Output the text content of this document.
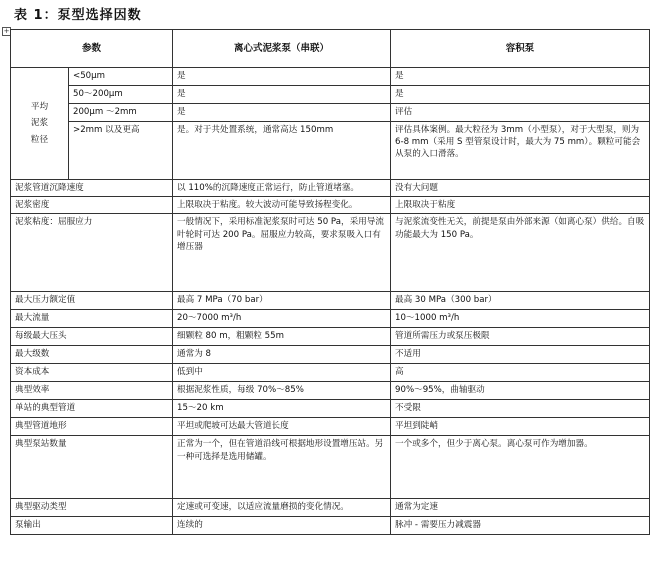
表 1：泵型选择因数
+
参数		离心式泥浆泵（串联）	容积泵
平均
泥浆
粒径	<50μm	是	是
	50～200μm	是	是
	200μm ～2mm	是	评估
	>2mm 以及更高	是。对于共处置系统，通常高达 150mm	评估具体案例。最大粒径为 3mm（小型泵），对于大型泵，则为 6-8 mm（采用 S 型管泵设计时，最大为 75 mm）。颗粒可能会从泵的入口滑落。
泥浆管道沉降速度		以 110%的沉降速度正常运行，防止管道堵塞。	没有大问题
泥浆密度		上限取决于粘度。较大波动可能导致扬程变化。	上限取决于粘度
泥浆粘度：屈服应力		一般情况下，采用标准泥浆泵时可达 50 Pa，采用导流叶轮时可达 200 Pa。屈服应力较高，要求泵吸入口有增压器	与泥浆流变性无关，前提是泵由外部来源（如离心泵）供给。自吸功能最大为 150 Pa。
最大压力额定值		最高 7 MPa（70 bar）	最高 30 MPa（300 bar）
最大流量		20～7000 m³/h	10～1000 m³/h
每级最大压头		细颗粒 80 m，粗颗粒 55m	管道所需压力或泵压极限
最大级数		通常为 8	不适用
资本成本		低到中	高
典型效率		根据泥浆性质，每级 70%～85%	90%～95%，曲轴驱动
单站的典型管道		15～20 km	不受限
典型管道地形		平坦或爬坡可达最大管道长度	平坦到陡峭
典型泵站数量		正常为一个，但在管道沿线可根据地形设置增压站。另一种可选择是选用储罐。	一个或多个，但少于离心泵。离心泵可作为增加器。
典型驱动类型		定速或可变速，以适应流量磨损的变化情况。	通常为定速
泵输出		连续的	脉冲 - 需要压力减震器
